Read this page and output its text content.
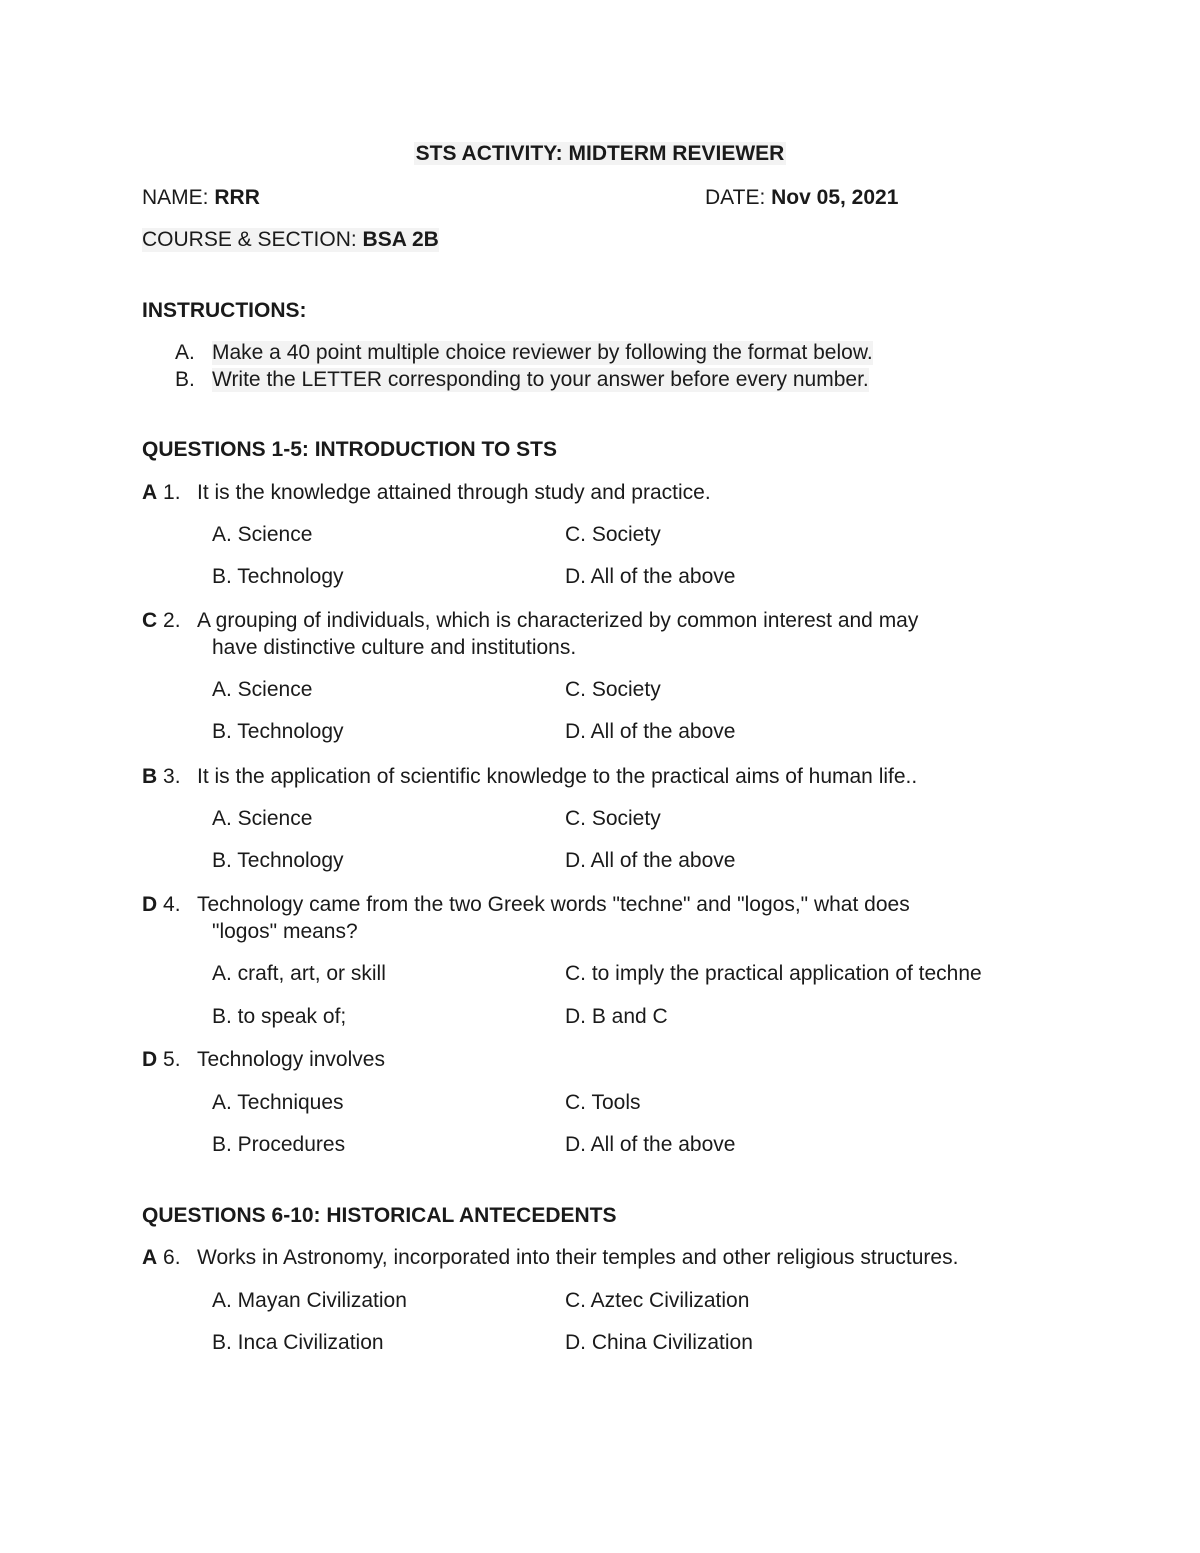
STS ACTIVITY: MIDTERM REVIEWER
NAME: RRR	DATE: Nov 05, 2021
COURSE & SECTION: BSA 2B
INSTRUCTIONS:
A. Make a 40 point multiple choice reviewer by following the format below.
B. Write the LETTER corresponding to your answer before every number.
QUESTIONS 1-5: INTRODUCTION TO STS
A 1. It is the knowledge attained through study and practice.
A. Science	C. Society
B. Technology	D. All of the above
C 2. A grouping of individuals, which is characterized by common interest and may
have distinctive culture and institutions.
A. Science	C. Society
B. Technology	D. All of the above
B 3. It is the application of scientific knowledge to the practical aims of human life..
A. Science	C. Society
B. Technology	D. All of the above
D 4. Technology came from the two Greek words "techne" and "logos," what does
"logos" means?
A. craft, art, or skill	C. to imply the practical application of techne
B. to speak of;	D. B and C
D 5. Technology involves
A. Techniques	C. Tools
B. Procedures	D. All of the above
QUESTIONS 6-10: HISTORICAL ANTECEDENTS
A 6. Works in Astronomy, incorporated into their temples and other religious structures.
A. Mayan Civilization	C. Aztec Civilization
B. Inca Civilization	D. China Civilization
